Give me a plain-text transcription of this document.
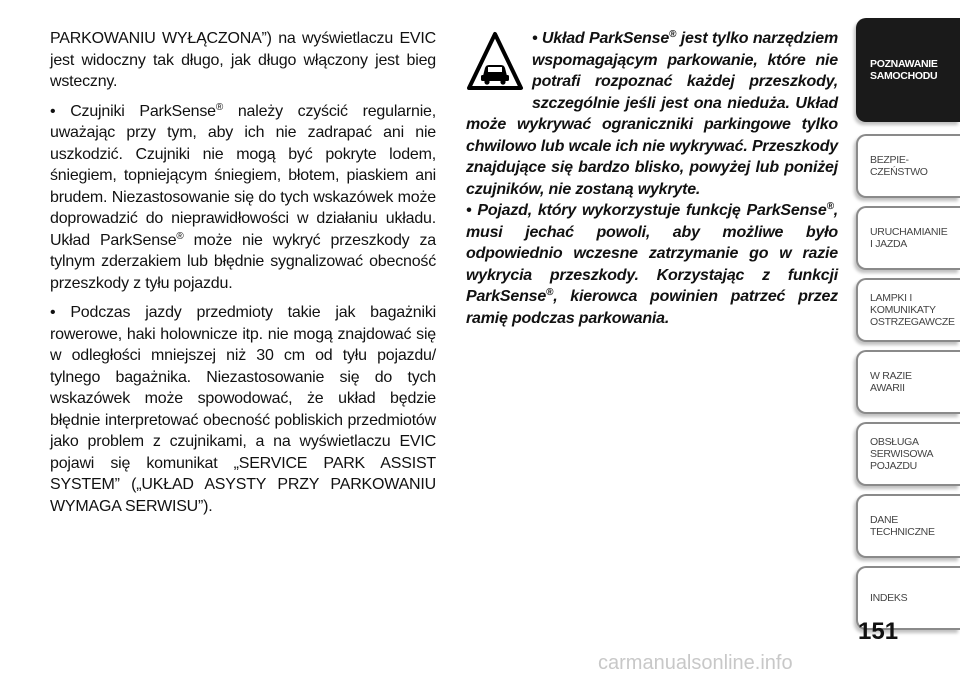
PARKOWANIU WYŁĄCZONA”) na wyświetlaczu EVIC jest widoczny tak długo, jak długo włączony jest bieg wsteczny.

• Czujniki ParkSense® należy czyścić regularnie, uważając przy tym, aby ich nie zadrapać ani nie uszkodzić. Czujniki nie mogą być pokryte lodem, śniegiem, topniejącym śniegiem, błotem, piaskiem ani brudem. Niezastosowanie się do tych wskazówek może doprowadzić do nieprawidłowości w działaniu układu. Układ ParkSense® może nie wykryć przeszkody za tylnym zderzakiem lub błędnie sygnalizować obecność przeszkody z tyłu pojazdu.

• Podczas jazdy przedmioty takie jak bagażniki rowerowe, haki holownicze itp. nie mogą znajdować się w odległości mniejszej niż 30 cm od tyłu pojazdu/ tylnego bagażnika. Niezastosowanie się do tych wskazówek może spowodować, że układ będzie błędnie interpretować obecność pobliskich przedmiotów jako problem z czujnikami, a na wyświetlaczu EVIC pojawi się komunikat „SERVICE PARK ASSIST SYSTEM” („UKŁAD ASYSTY PRZY PARKOWANIU WYMAGA SERWISU”).

• Układ ParkSense® jest tylko narzędziem wspomagającym parkowanie, które nie potrafi rozpoznać każdej przeszkody, szczególnie jeśli jest ona nieduża. Układ może wykrywać ograniczniki parkingowe tylko chwilowo lub wcale ich nie wykrywać. Przeszkody znajdujące się bardzo blisko, powyżej lub poniżej czujników, nie zostaną wykryte.

• Pojazd, który wykorzystuje funkcję ParkSense®, musi jechać powoli, aby możliwe było odpowiednio wczesne zatrzymanie go w razie wykrycia przeszkody. Korzystając z funkcji ParkSense®, kierowca powinien patrzeć przez ramię podczas parkowania.

POZNAWANIE
SAMOCHODU
BEZPIE-
CZEŃSTWO
URUCHAMIANIE
I JAZDA
LAMPKI I
KOMUNIKATY
OSTRZEGAWCZE
W RAZIE
AWARII
OBSŁUGA
SERWISOWA
POJAZDU
DANE
TECHNICZNE
INDEKS
151
carmanualsonline.info
